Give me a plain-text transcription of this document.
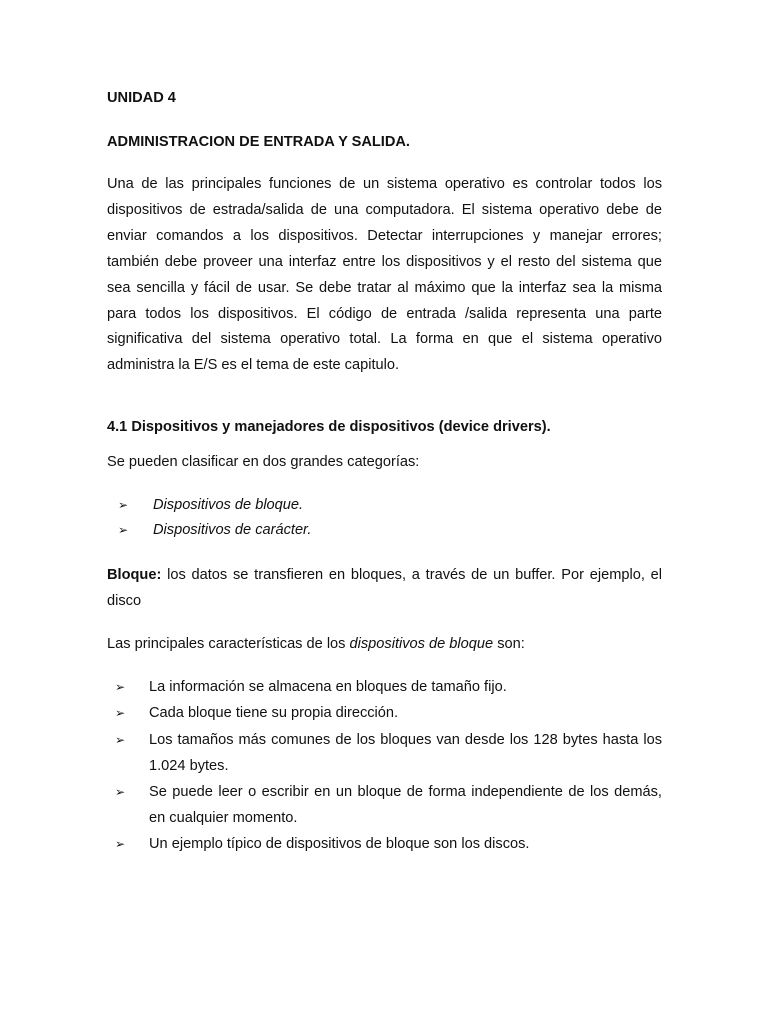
UNIDAD 4
ADMINISTRACION DE ENTRADA Y SALIDA.
Una de las principales funciones de un sistema operativo es controlar todos los dispositivos de estrada/salida de una computadora. El sistema operativo debe de enviar comandos a los dispositivos. Detectar interrupciones y manejar errores; también debe proveer una interfaz entre los dispositivos y el resto del sistema que sea sencilla y fácil de usar. Se debe tratar al máximo que la interfaz sea la misma para todos los dispositivos. El código de entrada /salida representa una parte significativa del sistema operativo total. La forma en que el sistema operativo administra la E/S es el tema de este capitulo.
4.1 Dispositivos y manejadores de dispositivos (device drivers).
Se pueden clasificar en dos grandes categorías:
➢ Dispositivos de bloque.
➢ Dispositivos de carácter.
Bloque: los datos se transfieren en bloques, a través de un buffer. Por ejemplo, el disco
Las principales características de los dispositivos de bloque son:
➢ La información se almacena en bloques de tamaño fijo.
➢ Cada bloque tiene su propia dirección.
➢ Los tamaños más comunes de los bloques van desde los 128 bytes hasta los 1.024 bytes.
➢ Se puede leer o escribir en un bloque de forma independiente de los demás, en cualquier momento.
➢ Un ejemplo típico de dispositivos de bloque son los discos.
